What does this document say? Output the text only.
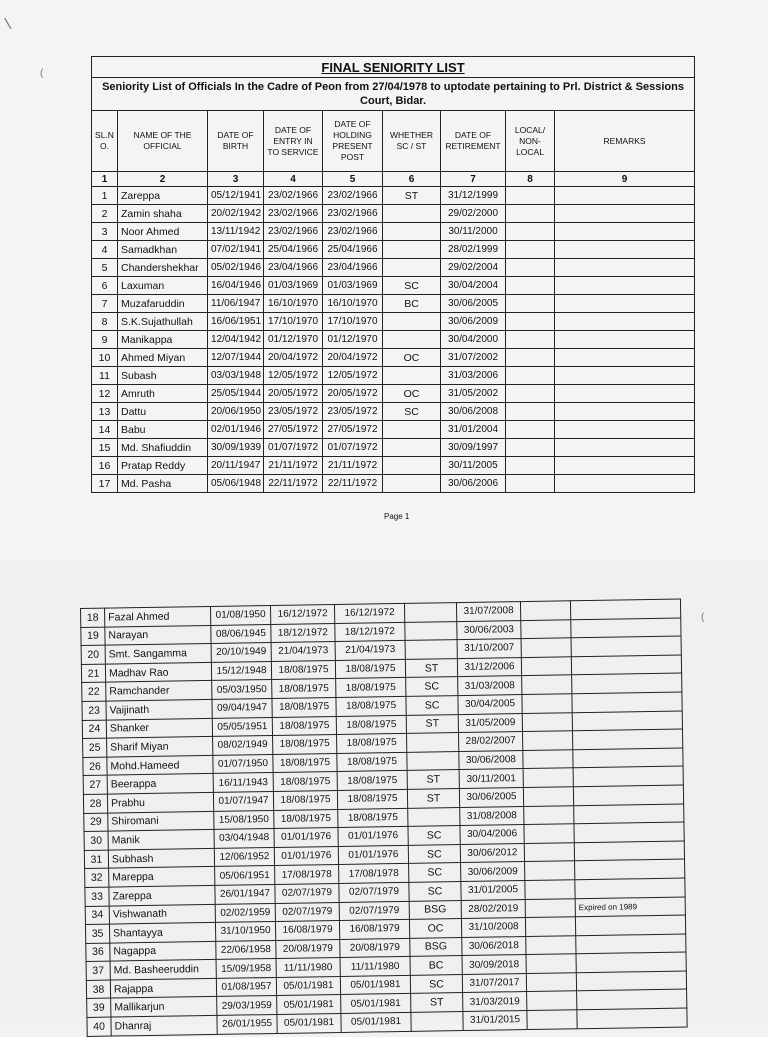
\
(	FINAL SENIORITY LIST								
Seniority List of Officials In the Cadre of Peon from 27/04/1978 to uptodate pertaining to Prl. District & Sessions Court, Bidar.								
SL.N O.	NAME OF THE OFFICIAL	DATE OF BIRTH	DATE OF ENTRY IN TO SERVICE	DATE OF HOLDING PRESENT POST	WHETHER SC / ST	DATE OF RETIREMENT	LOCAL/ NON- LOCAL	REMARKS
1	2	3	4	5	6	7	8	9
1	Zareppa	05/12/1941	23/02/1966	23/02/1966	ST	31/12/1999		
2	Zamin shaha	20/02/1942	23/02/1966	23/02/1966		29/02/2000		
3	Noor Ahmed	13/11/1942	23/02/1966	23/02/1966		30/11/2000		
4	Samadkhan	07/02/1941	25/04/1966	25/04/1966		28/02/1999		
5	Chandershekhar	05/02/1946	23/04/1966	23/04/1966		29/02/2004		
6	Laxuman	16/04/1946	01/03/1969	01/03/1969	SC	30/04/2004		
7	Muzafaruddin	11/06/1947	16/10/1970	16/10/1970	BC	30/06/2005		
8	S.K.Sujathullah	16/06/1951	17/10/1970	17/10/1970		30/06/2009		
9	Manikappa	12/04/1942	01/12/1970	01/12/1970		30/04/2000		
10	Ahmed Miyan	12/07/1944	20/04/1972	20/04/1972	OC	31/07/2002		
11	Subash	03/03/1948	12/05/1972	12/05/1972		31/03/2006		
12	Amruth	25/05/1944	20/05/1972	20/05/1972	OC	31/05/2002		
13	Dattu	20/06/1950	23/05/1972	23/05/1972	SC	30/06/2008		
14	Babu	02/01/1946	27/05/1972	27/05/1972		31/01/2004		
15	Md. Shafiuddin	30/09/1939	01/07/1972	01/07/1972		30/09/1997		
16	Pratap Reddy	20/11/1947	21/11/1972	21/11/1972		30/11/2005		
17	Md. Pasha	05/06/1948	22/11/1972	22/11/1972		30/06/2006		
Page 1
(
18	Fazal Ahmed	01/08/1950	16/12/1972	16/12/1972		31/07/2008		
19	Narayan	08/06/1945	18/12/1972	18/12/1972		30/06/2003		
20	Smt. Sangamma	20/10/1949	21/04/1973	21/04/1973		31/10/2007		
21	Madhav Rao	15/12/1948	18/08/1975	18/08/1975	ST	31/12/2006		
22	Ramchander	05/03/1950	18/08/1975	18/08/1975	SC	31/03/2008		
23	Vaijinath	09/04/1947	18/08/1975	18/08/1975	SC	30/04/2005		
24	Shanker	05/05/1951	18/08/1975	18/08/1975	ST	31/05/2009		
25	Sharif Miyan	08/02/1949	18/08/1975	18/08/1975		28/02/2007		
26	Mohd.Hameed	01/07/1950	18/08/1975	18/08/1975		30/06/2008		
27	Beerappa	16/11/1943	18/08/1975	18/08/1975	ST	30/11/2001		
28	Prabhu	01/07/1947	18/08/1975	18/08/1975	ST	30/06/2005		
29	Shiromani	15/08/1950	18/08/1975	18/08/1975		31/08/2008		
30	Manik	03/04/1948	01/01/1976	01/01/1976	SC	30/04/2006		
31	Subhash	12/06/1952	01/01/1976	01/01/1976	SC	30/06/2012		
32	Mareppa	05/06/1951	17/08/1978	17/08/1978	SC	30/06/2009		
33	Zareppa	26/01/1947	02/07/1979	02/07/1979	SC	31/01/2005		
34	Vishwanath	02/02/1959	02/07/1979	02/07/1979	BSG	28/02/2019		Expired on 1989
35	Shantayya	31/10/1950	16/08/1979	16/08/1979	OC	31/10/2008		
36	Nagappa	22/06/1958	20/08/1979	20/08/1979	BSG	30/06/2018		
37	Md. Basheeruddin	15/09/1958	11/11/1980	11/11/1980	BC	30/09/2018		
38	Rajappa	01/08/1957	05/01/1981	05/01/1981	SC	31/07/2017		
39	Mallikarjun	29/03/1959	05/01/1981	05/01/1981	ST	31/03/2019		
40	Dhanraj	26/01/1955	05/01/1981	05/01/1981		31/01/2015		
